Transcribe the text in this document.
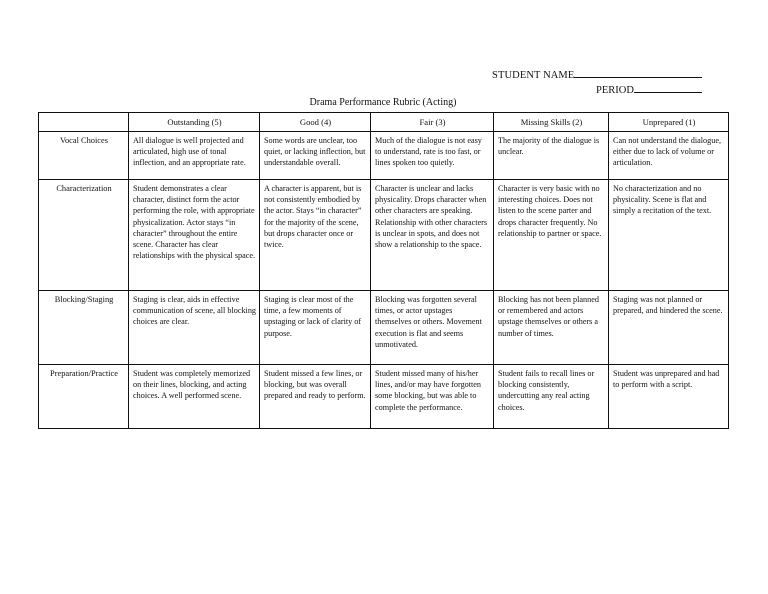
STUDENT NAME
PERIOD
Drama Performance Rubric (Acting)
	Outstanding (5)	Good (4)	Fair (3)	Missing Skills (2)	Unprepared (1)
Vocal Choices	All dialogue is well projected and articulated, high use of tonal inflection, and an appropriate rate.	Some words are unclear, too quiet, or lacking inflection, but understandable overall.	Much of the dialogue is not easy to understand, rate is too fast, or lines spoken too quietly.	The majority of the dialogue is unclear.	Can not understand the dialogue, either due to lack of volume or articulation.
Characterization	Student demonstrates a clear character, distinct form the actor performing the role, with appropriate physicalization. Actor stays “in character” throughout the entire scene. Character has clear relationships with the physical space.	A character is apparent, but is not consistently embodied by the actor. Stays “in character” for the majority of the scene, but drops character once or twice.	Character is unclear and lacks physicality. Drops character when other characters are speaking. Relationship with other characters is unclear in spots, and does not show a relationship to the space.	Character is very basic with no interesting choices. Does not listen to the scene parter and drops character frequently. No relationship to partner or space.	No characterization and no physicality. Scene is flat and simply a recitation of the text.
Blocking/Staging	Staging is clear, aids in effective communication of scene, all blocking choices are clear.	Staging is clear most of the time, a few moments of upstaging or lack of clarity of purpose.	Blocking was forgotten several times, or actor upstages themselves or others. Movement execution is flat and seems unmotivated.	Blocking has not been planned or remembered and actors upstage themselves or others a number of times.	Staging was not planned or prepared, and hindered the scene.
Preparation/Practice	Student was completely memorized on their lines, blocking, and acting choices. A well performed scene.	Student missed a few lines, or blocking, but was overall prepared and ready to perform.	Student missed many of his/her lines, and/or may have forgotten some blocking, but was able to complete the performance.	Student fails to recall lines or blocking consistently, undercutting any real acting choices.	Student was unprepared and had to perform with a script.
